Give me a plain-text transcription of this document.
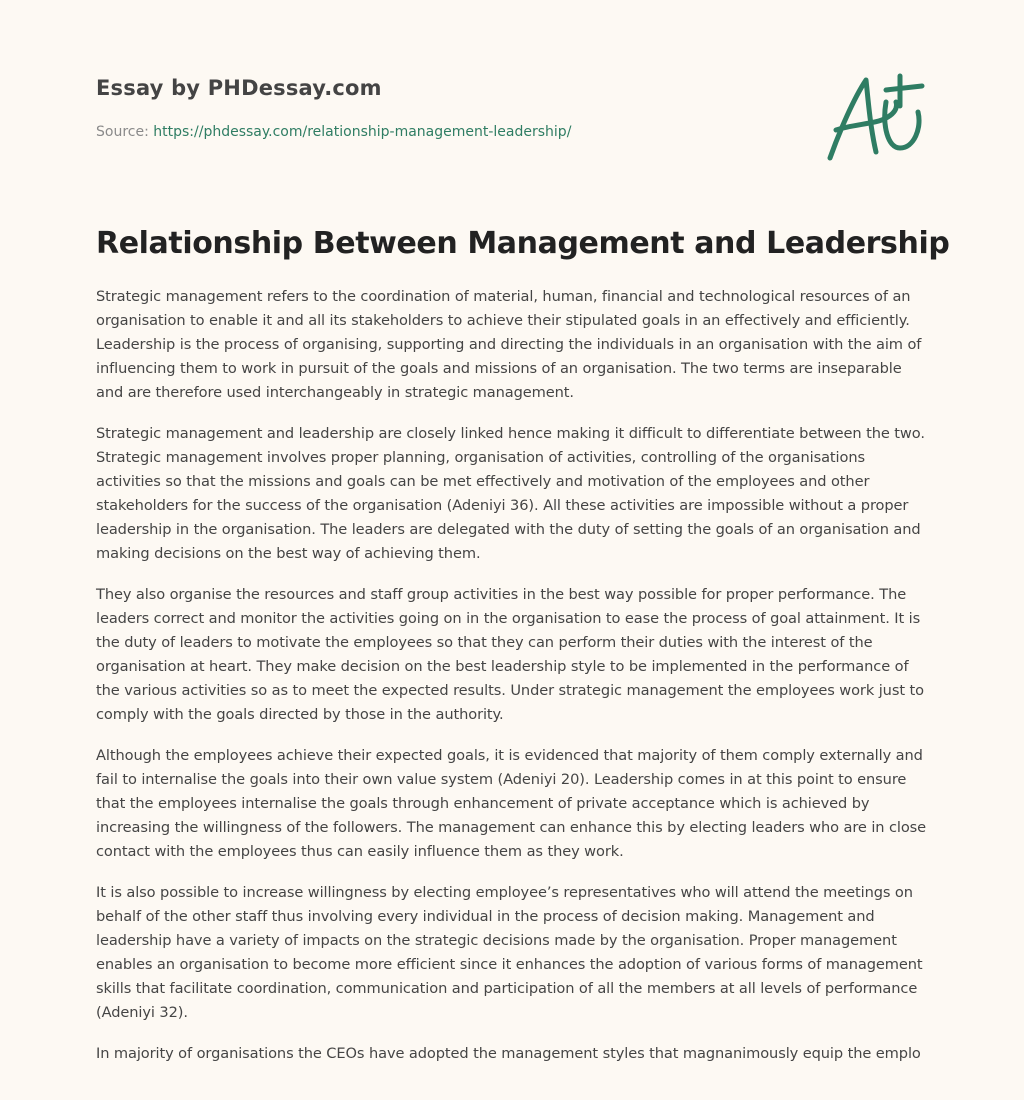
Essay by PHDessay.com
Source: https://phdessay.com/relationship-management-leadership/
Relationship Between Management and Leadership

Strategic management refers to the coordination of material, human, financial and technological resources of an organisation to enable it and all its stakeholders to achieve their stipulated goals in an effectively and efficiently. Leadership is the process of organising, supporting and directing the individuals in an organisation with the aim of influencing them to work in pursuit of the goals and missions of an organisation. The two terms are inseparable and are therefore used interchangeably in strategic management.

Strategic management and leadership are closely linked hence making it difficult to differentiate between the two. Strategic management involves proper planning, organisation of activities, controlling of the organisations activities so that the missions and goals can be met effectively and motivation of the employees and other stakeholders for the success of the organisation (Adeniyi 36). All these activities are impossible without a proper leadership in the organisation. The leaders are delegated with the duty of setting the goals of an organisation and making decisions on the best way of achieving them.

They also organise the resources and staff group activities in the best way possible for proper performance. The leaders correct and monitor the activities going on in the organisation to ease the process of goal attainment. It is the duty of leaders to motivate the employees so that they can perform their duties with the interest of the organisation at heart. They make decision on the best leadership style to be implemented in the performance of the various activities so as to meet the expected results. Under strategic management the employees work just to comply with the goals directed by those in the authority.

Although the employees achieve their expected goals, it is evidenced that majority of them comply externally and fail to internalise the goals into their own value system (Adeniyi 20). Leadership comes in at this point to ensure that the employees internalise the goals through enhancement of private acceptance which is achieved by increasing the willingness of the followers. The management can enhance this by electing leaders who are in close contact with the employees thus can easily influence them as they work.

It is also possible to increase willingness by electing employee’s representatives who will attend the meetings on behalf of the other staff thus involving every individual in the process of decision making. Management and leadership have a variety of impacts on the strategic decisions made by the organisation. Proper management enables an organisation to become more efficient since it enhances the adoption of various forms of management skills that facilitate coordination, communication and participation of all the members at all levels of performance (Adeniyi 32).

In majority of organisations the CEOs have adopted the management styles that magnanimously equip the emplo
